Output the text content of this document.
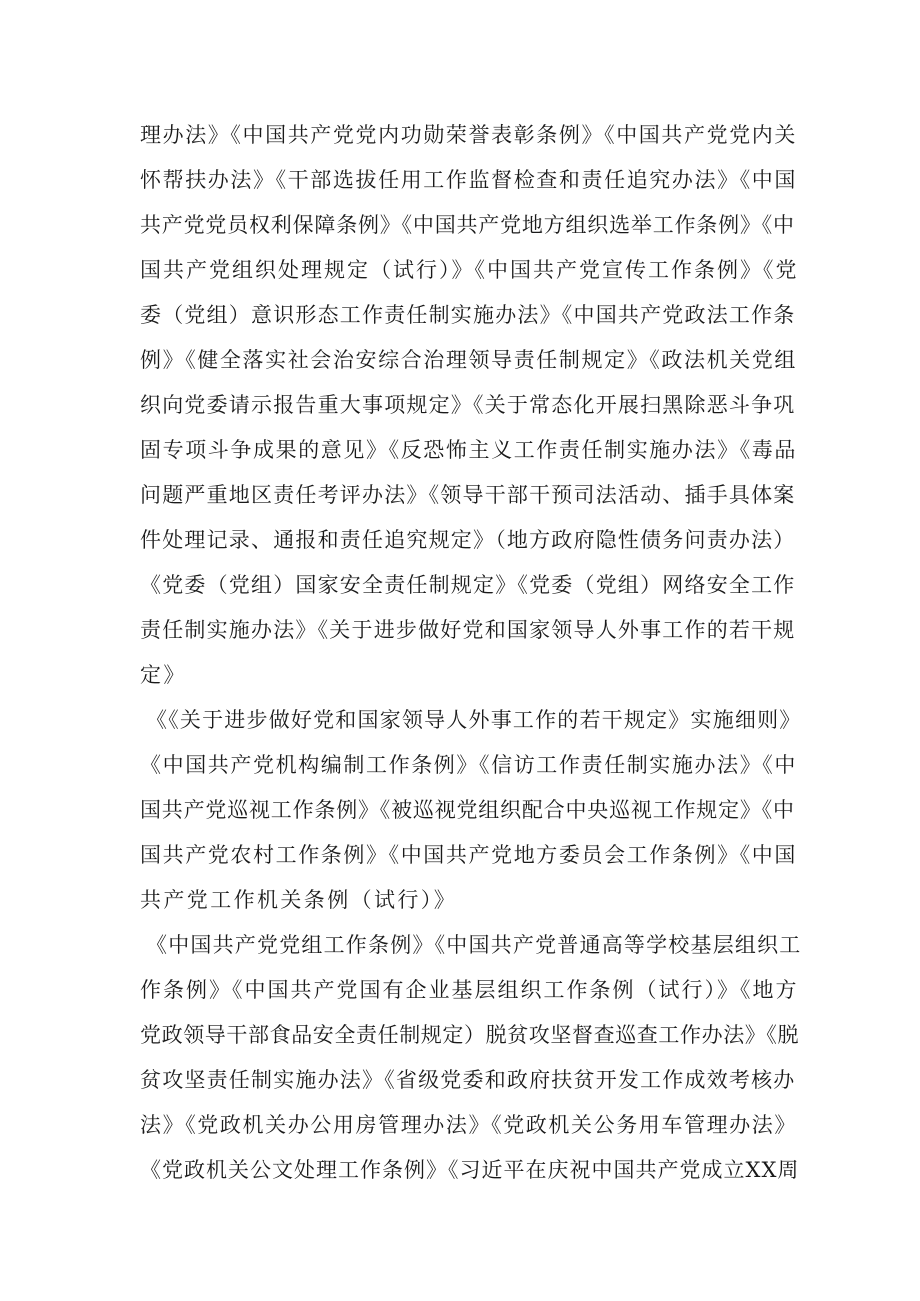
理办法》《中国共产党党内功勋荣誉表彰条例》《中国共产党党内关
怀帮扶办法》《干部选拔任用工作监督检查和责任追究办法》《中国
共产党党员权利保障条例》《中国共产党地方组织选举工作条例》《中
国共产党组织处理规定（试行）》《中国共产党宣传工作条例》《党
委（党组）意识形态工作责任制实施办法》《中国共产党政法工作条
例》《健全落实社会治安综合治理领导责任制规定》《政法机关党组
织向党委请示报告重大事项规定》《关于常态化开展扫黑除恶斗争巩
固专项斗争成果的意见》《反恐怖主义工作责任制实施办法》《毒品
问题严重地区责任考评办法》《领导干部干预司法活动、插手具体案
件处理记录、通报和责任追究规定》（地方政府隐性债务问责办法）
《党委（党组）国家安全责任制规定》《党委（党组）网络安全工作
责任制实施办法》《关于进步做好党和国家领导人外事工作的若干规
定》
《《关于进步做好党和国家领导人外事工作的若干规定》实施细则》
《中国共产党机构编制工作条例》《信访工作责任制实施办法》《中
国共产党巡视工作条例》《被巡视党组织配合中央巡视工作规定》《中
国共产党农村工作条例》《中国共产党地方委员会工作条例》《中国
共产党工作机关条例（试行）》
《中国共产党党组工作条例》《中国共产党普通高等学校基层组织工
作条例》《中国共产党国有企业基层组织工作条例（试行）》《地方
党政领导干部食品安全责任制规定）脱贫攻坚督查巡查工作办法》《脱
贫攻坚责任制实施办法》《省级党委和政府扶贫开发工作成效考核办
法》《党政机关办公用房管理办法》《党政机关公务用车管理办法》
《党政机关公文处理工作条例》《习近平在庆祝中国共产党成立XX周
